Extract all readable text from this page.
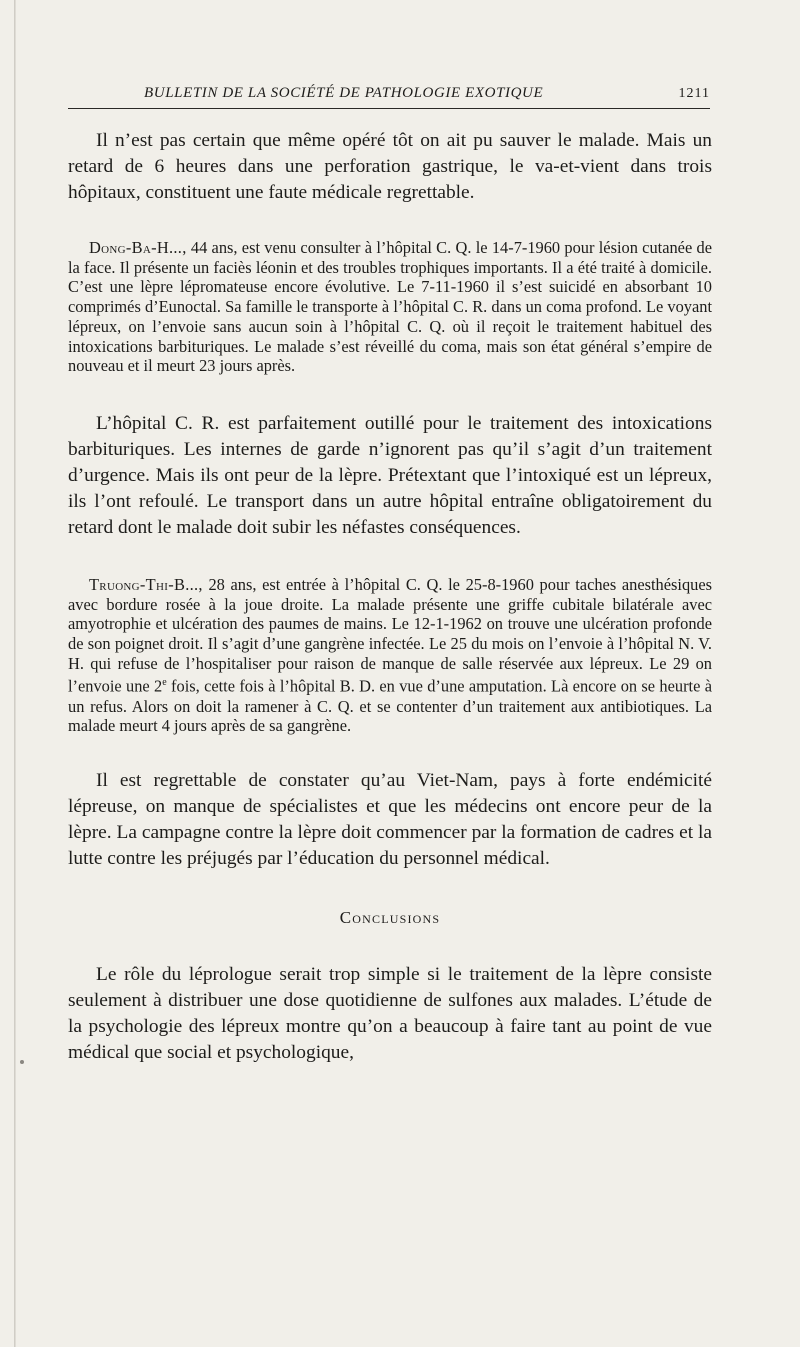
BULLETIN DE LA SOCIÉTÉ DE PATHOLOGIE EXOTIQUE	1211

Il n’est pas certain que même opéré tôt on ait pu sauver le malade. Mais un retard de 6 heures dans une perforation gastrique, le va-et-vient dans trois hôpitaux, constituent une faute médicale regrettable.

Dong-Ba-H..., 44 ans, est venu consulter à l’hôpital C. Q. le 14-7-1960 pour lésion cutanée de la face. Il présente un faciès léonin et des troubles trophiques importants. Il a été traité à domicile. C’est une lèpre lépromateuse encore évolutive. Le 7-11-1960 il s’est suicidé en absorbant 10 comprimés d’Eunoctal. Sa famille le transporte à l’hôpital C. R. dans un coma profond. Le voyant lépreux, on l’envoie sans aucun soin à l’hôpital C. Q. où il reçoit le traitement habituel des intoxications barbituriques. Le malade s’est réveillé du coma, mais son état général s’empire de nouveau et il meurt 23 jours après.

L’hôpital C. R. est parfaitement outillé pour le traitement des intoxications barbituriques. Les internes de garde n’ignorent pas qu’il s’agit d’un traitement d’urgence. Mais ils ont peur de la lèpre. Prétextant que l’intoxiqué est un lépreux, ils l’ont refoulé. Le transport dans un autre hôpital entraîne obligatoirement du retard dont le malade doit subir les néfastes conséquences.

Truong-Thi-B..., 28 ans, est entrée à l’hôpital C. Q. le 25-8-1960 pour taches anesthésiques avec bordure rosée à la joue droite. La malade présente une griffe cubitale bilatérale avec amyotrophie et ulcération des paumes de mains. Le 12-1-1962 on trouve une ulcération profonde de son poignet droit. Il s’agit d’une gangrène infectée. Le 25 du mois on l’envoie à l’hôpital N. V. H. qui refuse de l’hospitaliser pour raison de manque de salle réservée aux lépreux. Le 29 on l’envoie une 2e fois, cette fois à l’hôpital B. D. en vue d’une amputation. Là encore on se heurte à un refus. Alors on doit la ramener à C. Q. et se contenter d’un traitement aux antibiotiques. La malade meurt 4 jours après de sa gangrène.

Il est regrettable de constater qu’au Viet-Nam, pays à forte endémicité lépreuse, on manque de spécialistes et que les médecins ont encore peur de la lèpre. La campagne contre la lèpre doit commencer par la formation de cadres et la lutte contre les préjugés par l’éducation du personnel médical.

Conclusions

Le rôle du léprologue serait trop simple si le traitement de la lèpre consiste seulement à distribuer une dose quotidienne de sulfones aux malades. L’étude de la psychologie des lépreux montre qu’on a beaucoup à faire tant au point de vue médical que social et psychologique,
